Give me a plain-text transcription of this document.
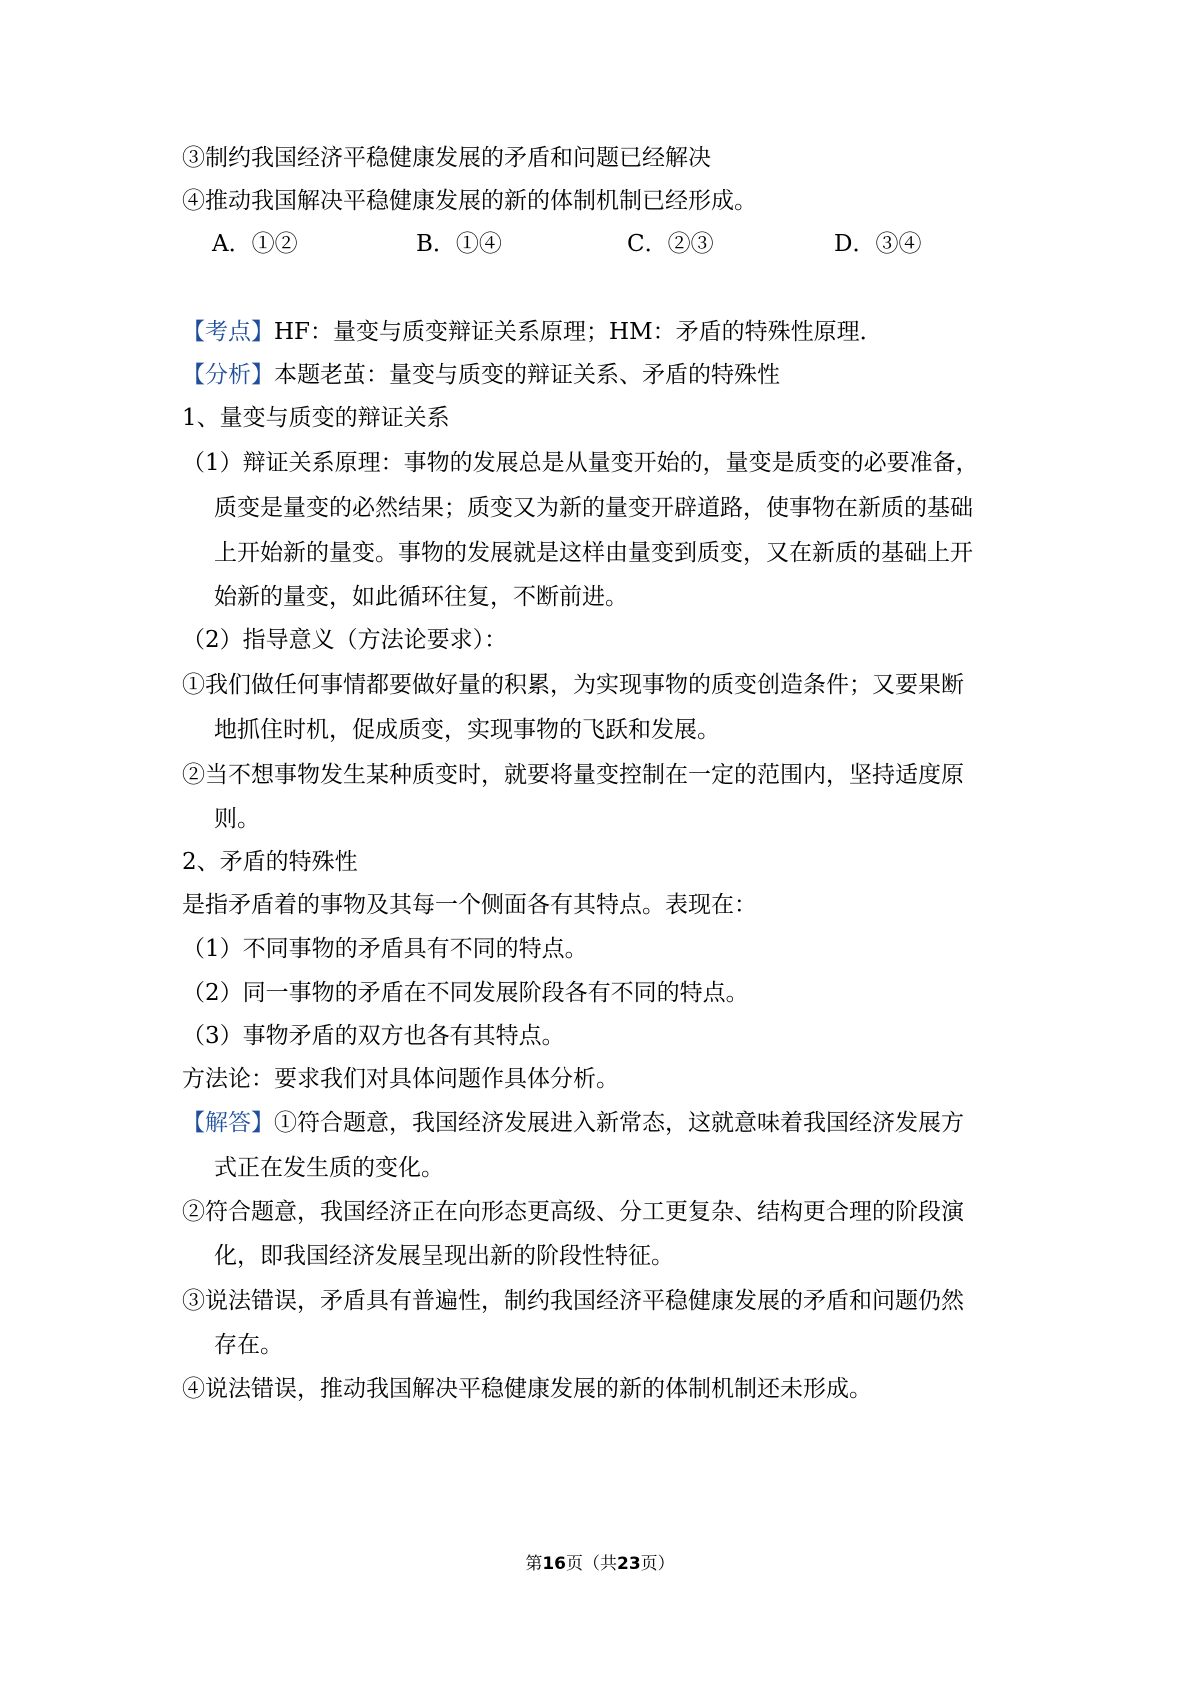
③制约我国经济平稳健康发展的矛盾和问题已经解决
④推动我国解决平稳健康发展的新的体制机制已经形成。
A．①②	B．①④	C．②③	D．③④
【考点】HF：量变与质变辩证关系原理；HM：矛盾的特殊性原理．
【分析】本题老茧：量变与质变的辩证关系、矛盾的特殊性
1、量变与质变的辩证关系
（1）辩证关系原理：事物的发展总是从量变开始的，量变是质变的必要准备，
质变是量变的必然结果；质变又为新的量变开辟道路，使事物在新质的基础
上开始新的量变。事物的发展就是这样由量变到质变，又在新质的基础上开
始新的量变，如此循环往复，不断前进。
（2）指导意义（方法论要求）：
①我们做任何事情都要做好量的积累，为实现事物的质变创造条件；又要果断
地抓住时机，促成质变，实现事物的飞跃和发展。
②当不想事物发生某种质变时，就要将量变控制在一定的范围内，坚持适度原
则。
2、矛盾的特殊性
是指矛盾着的事物及其每一个侧面各有其特点。表现在：
（1）不同事物的矛盾具有不同的特点。
（2）同一事物的矛盾在不同发展阶段各有不同的特点。
（3）事物矛盾的双方也各有其特点。
方法论：要求我们对具体问题作具体分析。
【解答】①符合题意，我国经济发展进入新常态，这就意味着我国经济发展方
式正在发生质的变化。
②符合题意，我国经济正在向形态更高级、分工更复杂、结构更合理的阶段演
化，即我国经济发展呈现出新的阶段性特征。
③说法错误，矛盾具有普遍性，制约我国经济平稳健康发展的矛盾和问题仍然
存在。
④说法错误，推动我国解决平稳健康发展的新的体制机制还未形成。
第16页（共23页）
